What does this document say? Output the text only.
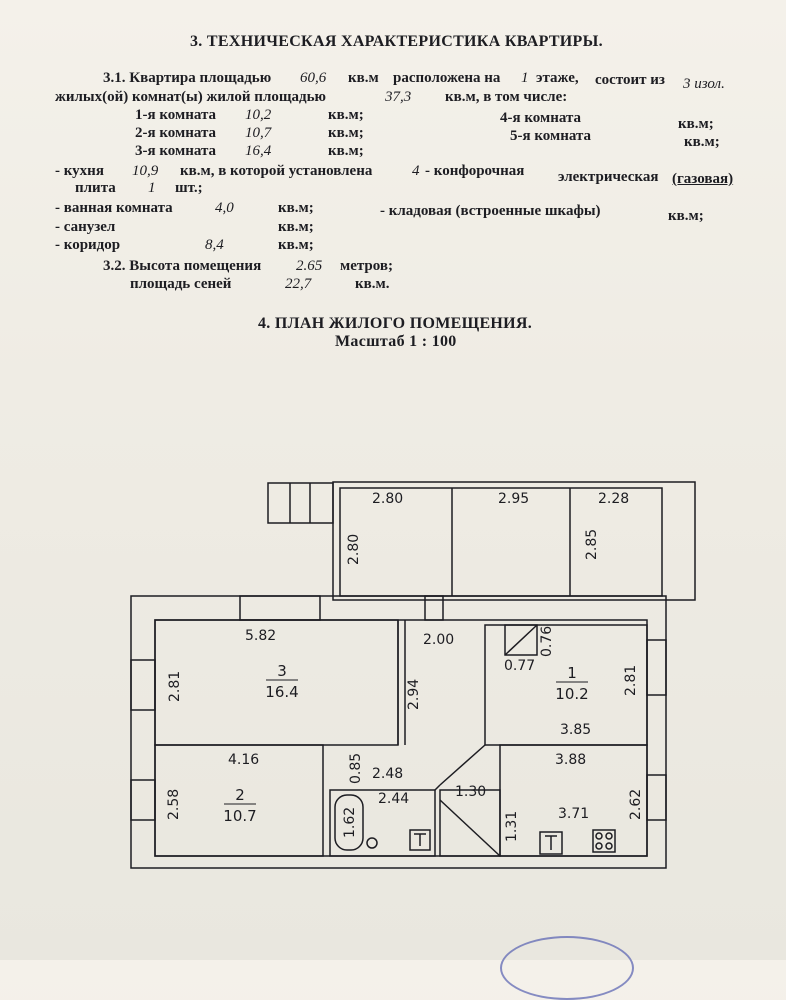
3. ТЕХНИЧЕСКАЯ ХАРАКТЕРИСТИКА КВАРТИРЫ.
3.1. Квартира площадью 60,6 кв.м расположена на 1 этаже, состоит из 3 изол.
жилых(ой) комнат(ы) жилой площадью	37,3 кв.м, в том числе:
1-я комната 10,2	кв.м;
2-я комната 10,7	кв.м;
3-я комната 16,4	кв.м;
4-я комната	кв.м;
5-я комната	кв.м;
- кухня 10,9 кв.м, в которой установлена	4 - конфорочная электрическая (газовая)
плита 1 шт.;
- ванная комната	4,0	кв.м;	- кладовая (встроенные шкафы)	кв.м;
- санузел	кв.м;
- коридор	8,4	кв.м;
3.2. Высота помещения 2.65 метров;
площадь сеней	22,7	кв.м.
4. ПЛАН ЖИЛОГО ПОМЕЩЕНИЯ.
Масштаб 1 : 100
2.80
2.80
2.95	2.28
2.85
5.82
2.81
2.00
2.94
0.77
0.76
2.81
3.85
4.16
2.58
0.85 2.48
2.44
1.62
1.30
1.31
3.88
3.71	2.62
3
16.4
1
10.2
2
10.7
